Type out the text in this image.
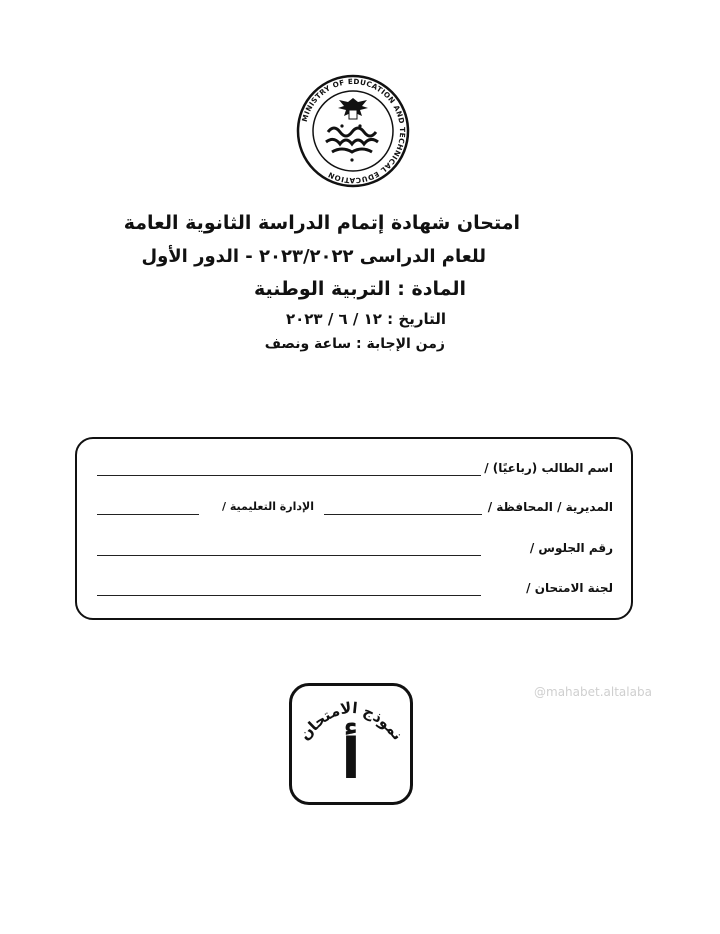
MINISTRY OF EDUCATION AND TECHNICAL EDUCATION
امتحان شهادة إتمام الدراسة الثانوية العامة
للعام الدراسى ٢٠٢٣/٢٠٢٢ - الدور الأول
المادة : التربية الوطنية
التاريخ : ١٢ / ٦ / ٢٠٢٣
زمن الإجابة : ساعة ونصف
اسم الطالب (رباعيًا) /
المديرية / المحافظة /
الإدارة التعليمية /
رقم الجلوس /
لجنة الامتحان /
نموذج الامتحان
أ
@mahabet.altalaba
